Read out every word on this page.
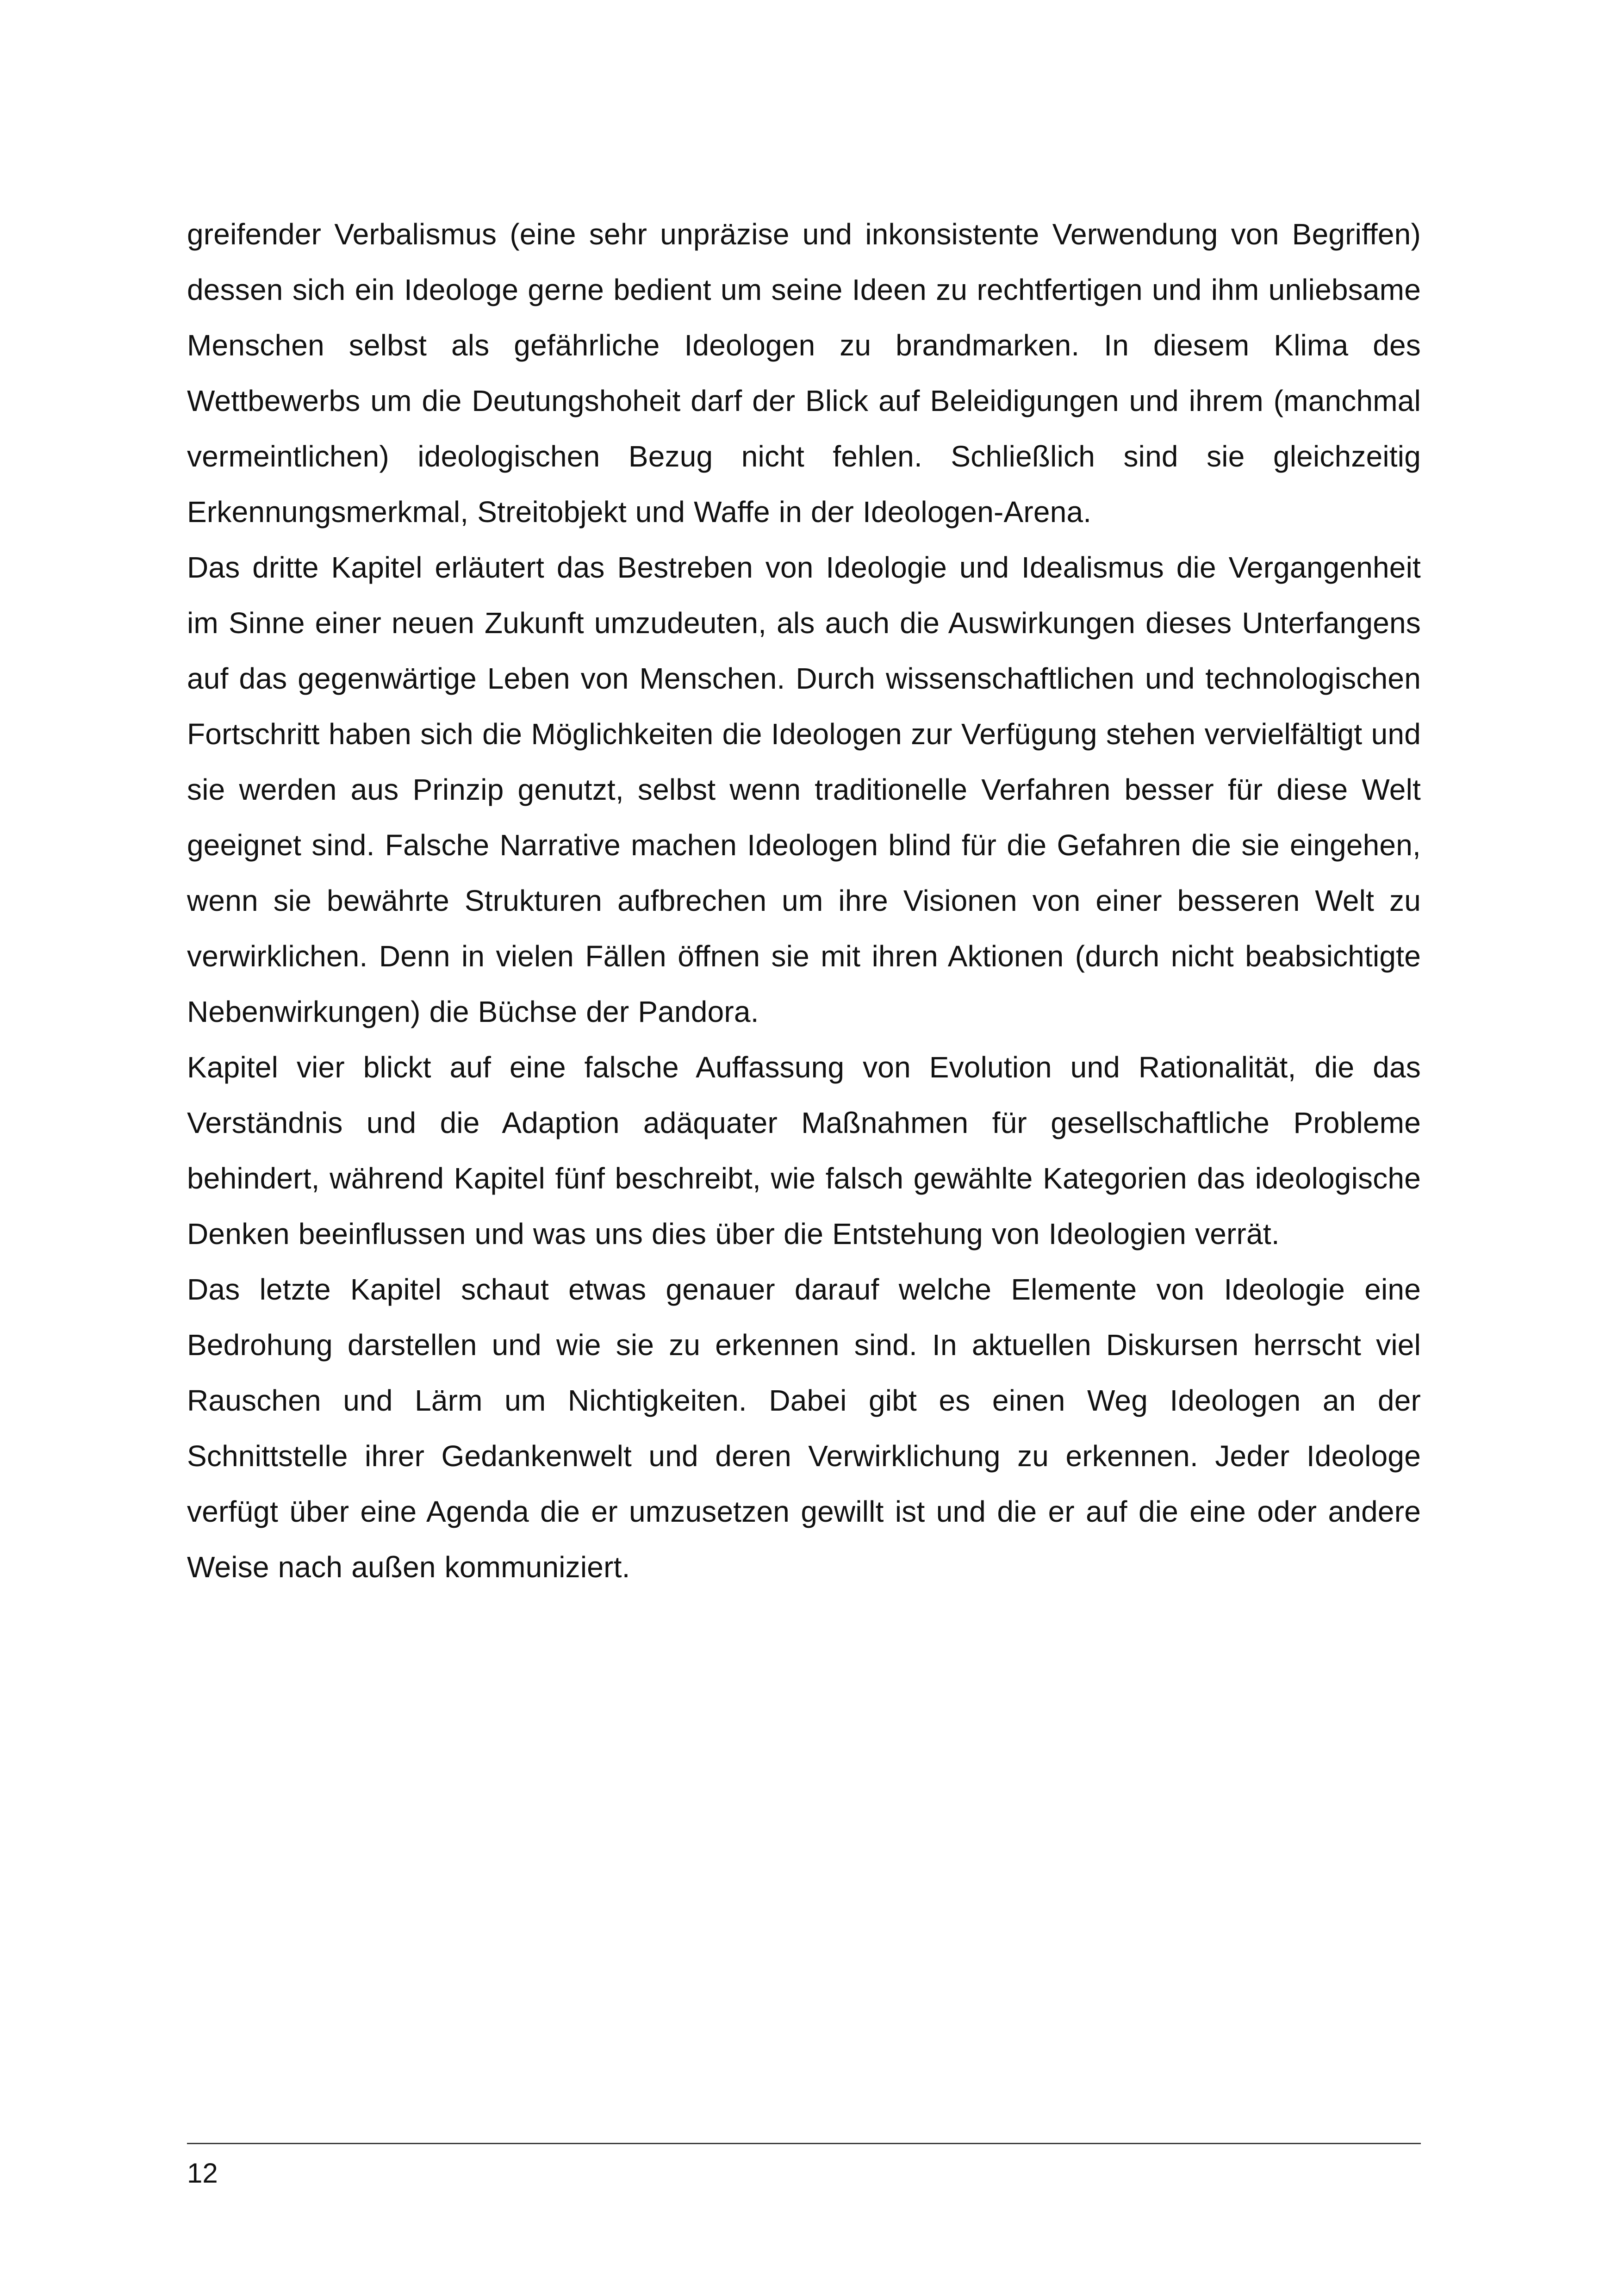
greifender Verbalismus (eine sehr unpräzise und inkonsistente Verwendung von Begriffen) dessen sich ein Ideologe gerne bedient um seine Ideen zu rechtfertigen und ihm unliebsame Menschen selbst als gefährliche Ideologen zu brandmarken. In diesem Klima des Wettbewerbs um die Deutungshoheit darf der Blick auf Beleidigungen und ihrem (manchmal vermeintlichen) ideologischen Bezug nicht fehlen. Schließlich sind sie gleichzeitig Erkennungsmerkmal, Streitobjekt und Waffe in der Ideologen-Arena.

Das dritte Kapitel erläutert das Bestreben von Ideologie und Idealismus die Vergangenheit im Sinne einer neuen Zukunft umzudeuten, als auch die Auswirkungen dieses Unterfangens auf das gegenwärtige Leben von Menschen. Durch wissenschaftlichen und technologischen Fortschritt haben sich die Möglichkeiten die Ideologen zur Verfügung stehen vervielfältigt und sie werden aus Prinzip genutzt, selbst wenn traditionelle Verfahren besser für diese Welt geeignet sind. Falsche Narrative machen Ideologen blind für die Gefahren die sie eingehen, wenn sie bewährte Strukturen aufbrechen um ihre Visionen von einer besseren Welt zu verwirklichen. Denn in vielen Fällen öffnen sie mit ihren Aktionen (durch nicht beabsichtigte Nebenwirkungen) die Büchse der Pandora.

Kapitel vier blickt auf eine falsche Auffassung von Evolution und Rationalität, die das Verständnis und die Adaption adäquater Maßnahmen für gesellschaftliche Probleme behindert, während Kapitel fünf beschreibt, wie falsch gewählte Kategorien das ideologische Denken beeinflussen und was uns dies über die Entstehung von Ideologien verrät.

Das letzte Kapitel schaut etwas genauer darauf welche Elemente von Ideologie eine Bedrohung darstellen und wie sie zu erkennen sind. In aktuellen Diskursen herrscht viel Rauschen und Lärm um Nichtigkeiten. Dabei gibt es einen Weg Ideologen an der Schnittstelle ihrer Gedankenwelt und deren Verwirklichung zu erkennen. Jeder Ideologe verfügt über eine Agenda die er umzusetzen gewillt ist und die er auf die eine oder andere Weise nach außen kommuniziert.

12
